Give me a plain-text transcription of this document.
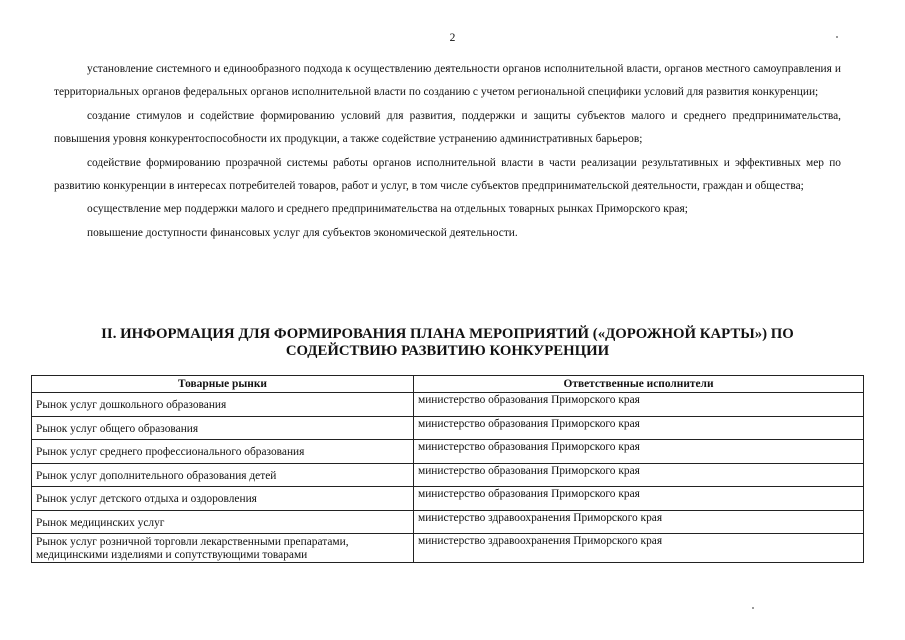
2

установление системного и единообразного подхода к осуществлению деятельности органов исполнительной власти, органов местного самоуправления и территориальных органов федеральных органов исполнительной власти по созданию с учетом региональной специфики условий для развития конкуренции;

создание стимулов и содействие формированию условий для развития, поддержки и защиты субъектов малого и среднего предпринимательства, повышения уровня конкурентоспособности их продукции, а также содействие устранению административных барьеров;

содействие формированию прозрачной системы работы органов исполнительной власти в части реализации результативных и эффективных мер по развитию конкуренции в интересах потребителей товаров, работ и услуг, в том числе субъектов предпринимательской деятельности, граждан и общества;

осуществление мер поддержки малого и среднего предпринимательства на отдельных товарных рынках Приморского края;

повышение доступности финансовых услуг для субъектов экономической деятельности.

II. ИНФОРМАЦИЯ ДЛЯ ФОРМИРОВАНИЯ ПЛАНА МЕРОПРИЯТИЙ («ДОРОЖНОЙ КАРТЫ») ПО СОДЕЙСТВИЮ РАЗВИТИЮ КОНКУРЕНЦИИ
Товарные рынки	Ответственные исполнители
Рынок услуг дошкольного образования	министерство образования Приморского края
Рынок услуг общего образования	министерство образования Приморского края
Рынок услуг среднего профессионального образования	министерство образования Приморского края
Рынок услуг дополнительного образования детей	министерство образования Приморского края
Рынок услуг детского отдыха и оздоровления	министерство образования Приморского края
Рынок медицинских услуг	министерство здравоохранения Приморского края
Рынок услуг розничной торговли лекарственными препаратами, медицинскими изделиями и сопутствующими товарами	министерство здравоохранения Приморского края
